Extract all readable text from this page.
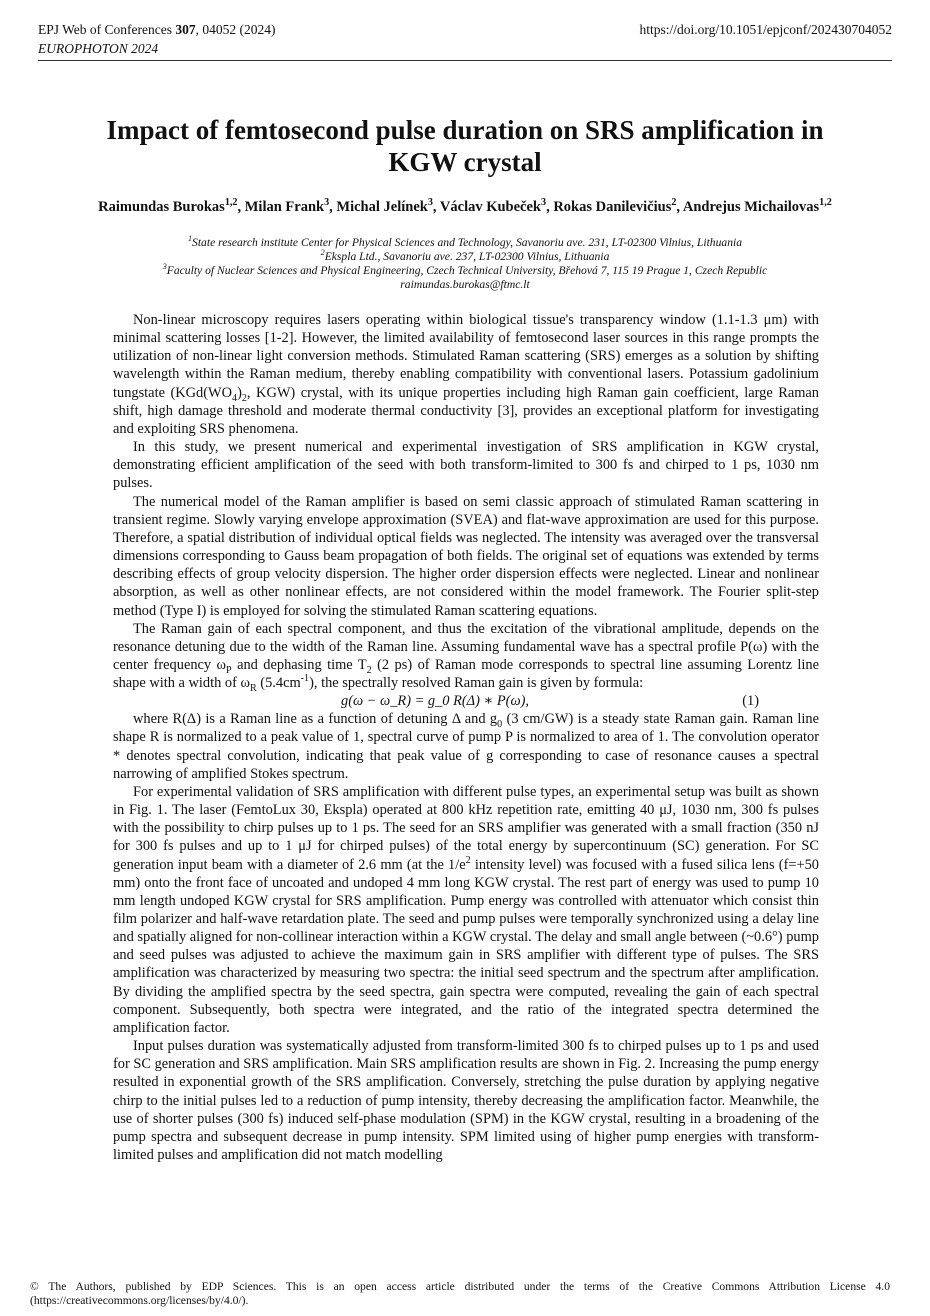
EPJ Web of Conferences 307, 04052 (2024)
EUROPHOTON 2024
https://doi.org/10.1051/epjconf/202430704052
Impact of femtosecond pulse duration on SRS amplification in KGW crystal
Raimundas Burokas$^{1,2}$, Milan Frank$^3$, Michal Jelínek$^3$, Václav Kubeček$^3$, Rokas Danilevičius$^2$, Andrejus Michailovas$^{1,2}$
$^1$State research institute Center for Physical Sciences and Technology, Savanoriu ave. 231, LT-02300 Vilnius, Lithuania
$^2$Ekspla Ltd., Savanoriu ave. 237, LT-02300 Vilnius, Lithuania
$^3$Faculty of Nuclear Sciences and Physical Engineering, Czech Technical University, Břehová 7, 115 19 Prague 1, Czech Republic
raimundas.burokas@ftmc.lt

Non-linear microscopy requires lasers operating within biological tissue's transparency window (1.1-1.3 μm) with minimal scattering losses [1-2]. However, the limited availability of femtosecond laser sources in this range prompts the utilization of non-linear light conversion methods. Stimulated Raman scattering (SRS) emerges as a solution by shifting wavelength within the Raman medium, thereby enabling compatibility with conventional lasers. Potassium gadolinium tungstate ($KGd(WO_4)_2$, KGW) crystal, with its unique properties including high Raman gain coefficient, large Raman shift, high damage threshold and moderate thermal conductivity [3], provides an exceptional platform for investigating and exploiting SRS phenomena.

In this study, we present numerical and experimental investigation of SRS amplification in KGW crystal, demonstrating efficient amplification of the seed with both transform-limited to 300 fs and chirped to 1 ps, 1030 nm pulses.

The numerical model of the Raman amplifier is based on semi classic approach of stimulated Raman scattering in transient regime. Slowly varying envelope approximation (SVEA) and flat-wave approximation are used for this purpose. Therefore, a spatial distribution of individual optical fields was neglected. The intensity was averaged over the transversal dimensions corresponding to Gauss beam propagation of both fields. The original set of equations was extended by terms describing effects of group velocity dispersion. The higher order dispersion effects were neglected. Linear and nonlinear absorption, as well as other nonlinear effects, are not considered within the model framework. The Fourier split-step method (Type I) is employed for solving the stimulated Raman scattering equations.

The Raman gain of each spectral component, and thus the excitation of the vibrational amplitude, depends on the resonance detuning due to the width of the Raman line. Assuming fundamental wave has a spectral profile P(ω) with the center frequency $\omega_P$ and dephasing time $T_2$ (2 ps) of Raman mode corresponds to spectral line assuming Lorentz line shape with a width of $\omega_R$ $(5.4cm^{-1})$, the spectrally resolved Raman gain is given by formula:

g(ω − ω_R) = g_0 R(Δ) ∗ P(ω),	(1)

where R(Δ) is a Raman line as a function of detuning Δ and $g_0$ (3 cm/GW) is a steady state Raman gain. Raman line shape R is normalized to a peak value of 1, spectral curve of pump P is normalized to area of 1. The convolution operator * denotes spectral convolution, indicating that peak value of g corresponding to case of resonance causes a spectral narrowing of amplified Stokes spectrum.

For experimental validation of SRS amplification with different pulse types, an experimental setup was built as shown in Fig. 1. The laser (FemtoLux 30, Ekspla) operated at 800 kHz repetition rate, emitting 40 μJ, 1030 nm, 300 fs pulses with the possibility to chirp pulses up to 1 ps. The seed for an SRS amplifier was generated with a small fraction (350 nJ for 300 fs pulses and up to 1 μJ for chirped pulses) of the total energy by supercontinuum (SC) generation. For SC generation input beam with a diameter of 2.6 mm (at the $1/e^2$ intensity level) was focused with a fused silica lens (f=+50 mm) onto the front face of uncoated and undoped 4 mm long KGW crystal. The rest part of energy was used to pump 10 mm length undoped KGW crystal for SRS amplification. Pump energy was controlled with attenuator which consist thin film polarizer and half-wave retardation plate. The seed and pump pulses were temporally synchronized using a delay line and spatially aligned for non-collinear interaction within a KGW crystal. The delay and small angle between (~0.6°) pump and seed pulses was adjusted to achieve the maximum gain in SRS amplifier with different type of pulses. The SRS amplification was characterized by measuring two spectra: the initial seed spectrum and the spectrum after amplification. By dividing the amplified spectra by the seed spectra, gain spectra were computed, revealing the gain of each spectral component. Subsequently, both spectra were integrated, and the ratio of the integrated spectra determined the amplification factor.

Input pulses duration was systematically adjusted from transform-limited 300 fs to chirped pulses up to 1 ps and used for SC generation and SRS amplification. Main SRS amplification results are shown in Fig. 2. Increasing the pump energy resulted in exponential growth of the SRS amplification. Conversely, stretching the pulse duration by applying negative chirp to the initial pulses led to a reduction of pump intensity, thereby decreasing the amplification factor. Meanwhile, the use of shorter pulses (300 fs) induced self-phase modulation (SPM) in the KGW crystal, resulting in a broadening of the pump spectra and subsequent decrease in pump intensity. SPM limited using of higher pump energies with transform-limited pulses and amplification did not match modelling

© The Authors, published by EDP Sciences. This is an open access article distributed under the terms of the Creative Commons Attribution License 4.0 (https://creativecommons.org/licenses/by/4.0/).
